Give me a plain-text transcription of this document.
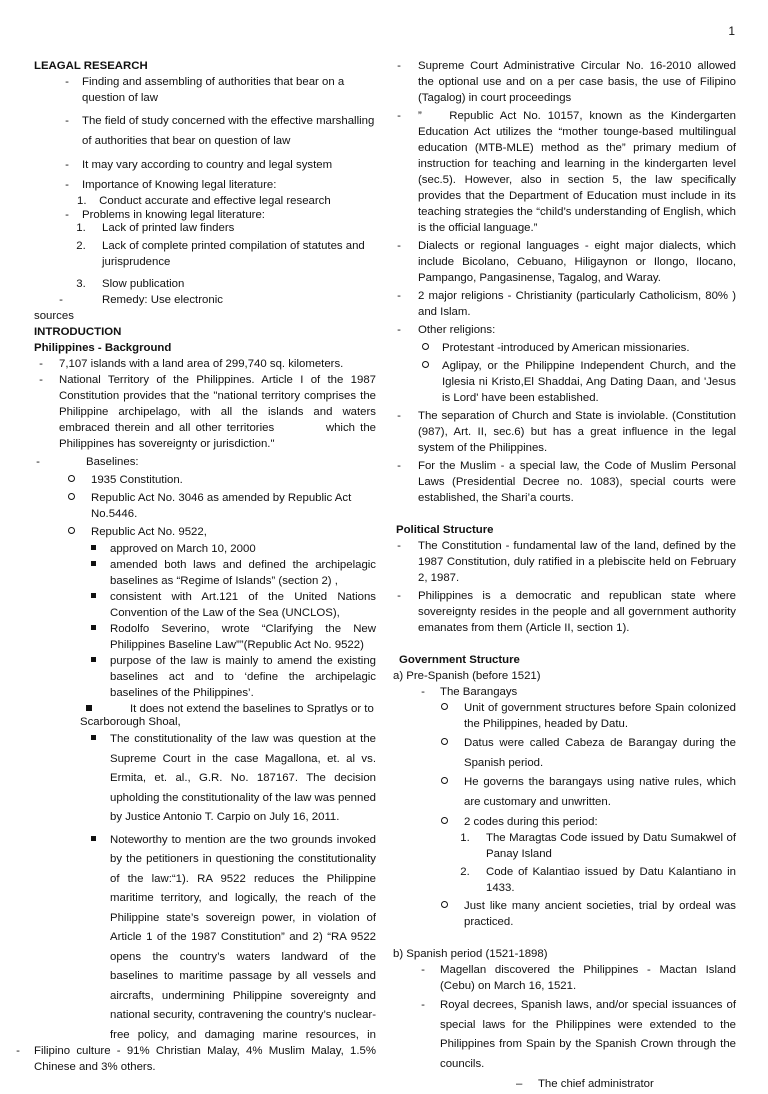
1

LEAGAL RESEARCH

-	Finding and assembling of authorities that bear on a question of law
-	The field of study concerned with the effective marshalling of authorities that bear on question of law
-	It may vary according to country and legal system
-	Importance of Knowing legal literature:
1.    Conduct accurate and effective legal research
-	Problems in knowing legal literature:
1. Lack of printed law finders
2. Lack of complete printed compilation of statutes and jurisprudence
3. Slow publication
-	Remedy: Use electronic

sources

INTRODUCTION

Philippines - Background

-	7,107 islands with a land area of 299,740 sq. kilometers.
-	National Territory of the Philippines. Article I of the 1987 Constitution provides that the "national territory comprises the Philippine archipelago, with all the islands and waters embraced therein and all other territories          which the Philippines has sovereignty or jurisdiction."
-	Baselines:
1935 Constitution.
Republic Act No. 3046 as amended by Republic Act No.5446.
Republic Act No. 9522,
approved on March 10, 2000
amended both laws and defined the archipelagic baselines as “Regime of Islands” (section 2) ,
consistent with Art.121 of the United Nations Convention of the Law of the Sea (UNCLOS),
Rodolfo Severino, wrote “Clarifying the New Philippines Baseline Law””(Republic Act No. 9522)
purpose of the law is mainly to amend the existing baselines act and to ‘define the archipelagic baselines of the Philippines’.
It does not extend the baselines to Spratlys or to Scarborough Shoal,
The constitutionality of the law was question at the Supreme Court in the case Magallona, et. al vs. Ermita, et. al., G.R. No. 187167. The decision upholding the constitutionality of the law was penned by Justice Antonio T. Carpio on July 16, 2011.
Noteworthy to mention are the two grounds invoked by the petitioners in questioning the constitutionality of the law:“1). RA 9522 reduces the Philippine maritime territory, and logically, the reach of the Philippine state’s sovereign power, in violation of Article 1 of the 1987 Constitution” and 2) “RA 9522 opens the country’s waters landward of the baselines to maritime passage by all vessels and aircrafts, undermining Philippine sovereignty and national security, contravening the country’s nuclear-free policy, and damaging marine resources, in
-	Filipino culture - 91% Christian Malay, 4% Muslim Malay, 1.5% Chinese and 3% others.
-	Supreme Court Administrative Circular No. 16-2010 allowed the optional use and on a per case basis, the use of Filipino (Tagalog) in court proceedings
-	”    Republic Act No. 10157, known as the Kindergarten Education Act utilizes the “mother tounge-based multilingual education (MTB-MLE) method as the” primary medium of instruction for teaching and learning in the kindergarten level (sec.5). However, also in section 5, the law specifically provides that the Department of Education must include in its teaching strategies the “child’s understanding of English, which is the official language.”
-	Dialects or regional languages - eight major dialects, which include Bicolano, Cebuano, Hiligaynon or Ilongo, Ilocano, Pampango, Pangasinense, Tagalog, and Waray.
-	2 major religions - Christianity (particularly Catholicism, 80% ) and Islam.
-	Other religions:
Protestant -introduced by American missionaries.
Aglipay, or the Philippine Independent Church, and the Iglesia ni Kristo,El Shaddai, Ang Dating Daan, and 'Jesus is Lord' have been established.
-	The separation of Church and State is inviolable. (Constitution (987), Art. II, sec.6) but has a great influence in the legal system of the Philippines.
-	For the Muslim - a special law, the Code of Muslim Personal Laws (Presidential Decree no. 1083), special courts were established, the Shari’a courts.

Political Structure

-	The Constitution - fundamental law of the land, defined by the 1987 Constitution, duly ratified in a plebiscite held on February 2, 1987.
-	Philippines is a democratic and republican state where sovereignty resides in the people and all government authority emanates from them (Article II, section 1).

Government Structure

a) Pre-Spanish (before 1521)

-	The Barangays
Unit of government structures before Spain colonized the Philippines, headed by Datu.
Datus were called Cabeza de Barangay during the Spanish period.
He governs the barangays using native rules, which are customary and unwritten.
2 codes during this period:
1. The Maragtas Code issued by Datu Sumakwel of Panay Island
2. Code of Kalantiao issued by Datu Kalantiano in 1433.
Just like many ancient societies, trial by ordeal was practiced.

b) Spanish period (1521-1898)

-	Magellan discovered the Philippines - Mactan Island (Cebu) on March 16, 1521.
-	Royal decrees, Spanish laws, and/or special issuances of special laws for the Philippines were extended to the Philippines from Spain by the Spanish Crown through the councils.
–     The chief administrator
